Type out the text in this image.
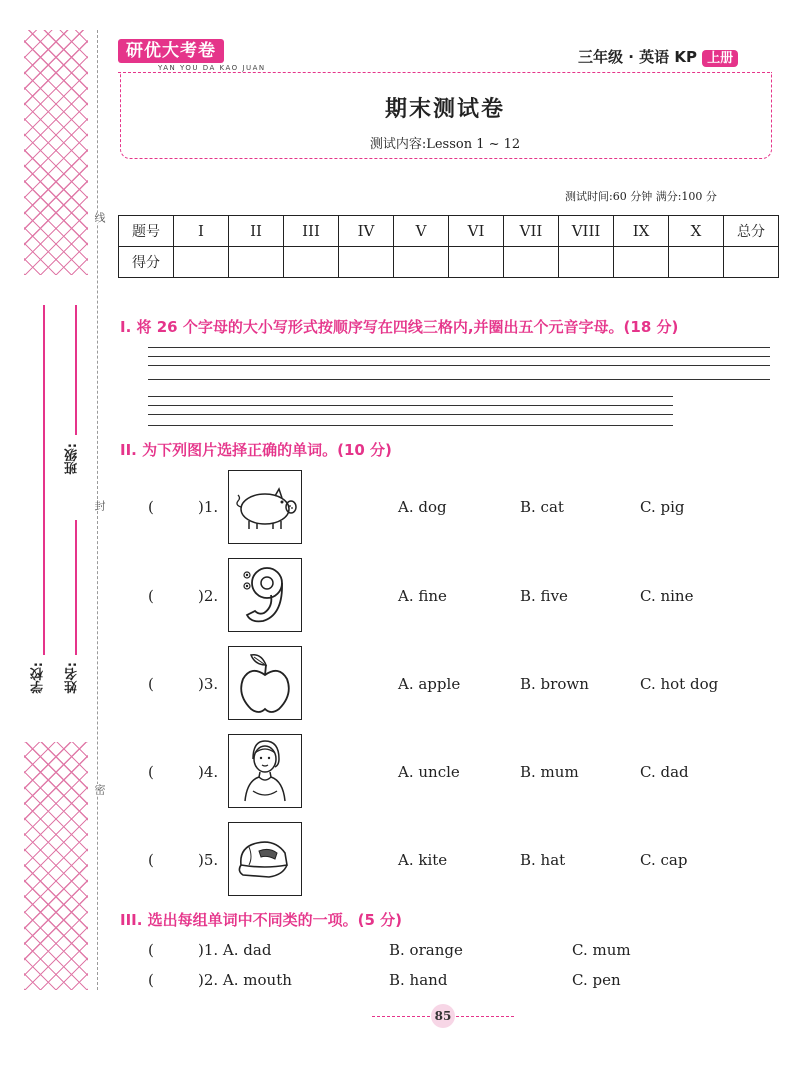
线
封
密
学校: 姓名:
班级:
研优大考卷
YAN YOU DA KAO JUAN
三年级 · 英语 KP 上册
期末测试卷
测试内容:Lesson 1 ~ 12
测试时间:60 分钟 满分:100 分
题号	I	II	III	IV	V	VI	VII	VIII	IX	X	总分
得分											
I. 将 26 个字母的大小写形式按顺序写在四线三格内,并圈出五个元音字母。(18 分)
II. 为下列图片选择正确的单词。(10 分)
(	)1.	A. dog	B. cat	C. pig
(	)2.	A. fine	B. five	C. nine
(	)3.	A. apple	B. brown	C. hot dog
(	)4.	A. uncle	B. mum	C. dad
(	)5.	A. kite	B. hat	C. cap
III. 选出每组单词中不同类的一项。(5 分)
(	)1. A. dad	B. orange	C. mum
(	)2. A. mouth	B. hand	C. pen
85
